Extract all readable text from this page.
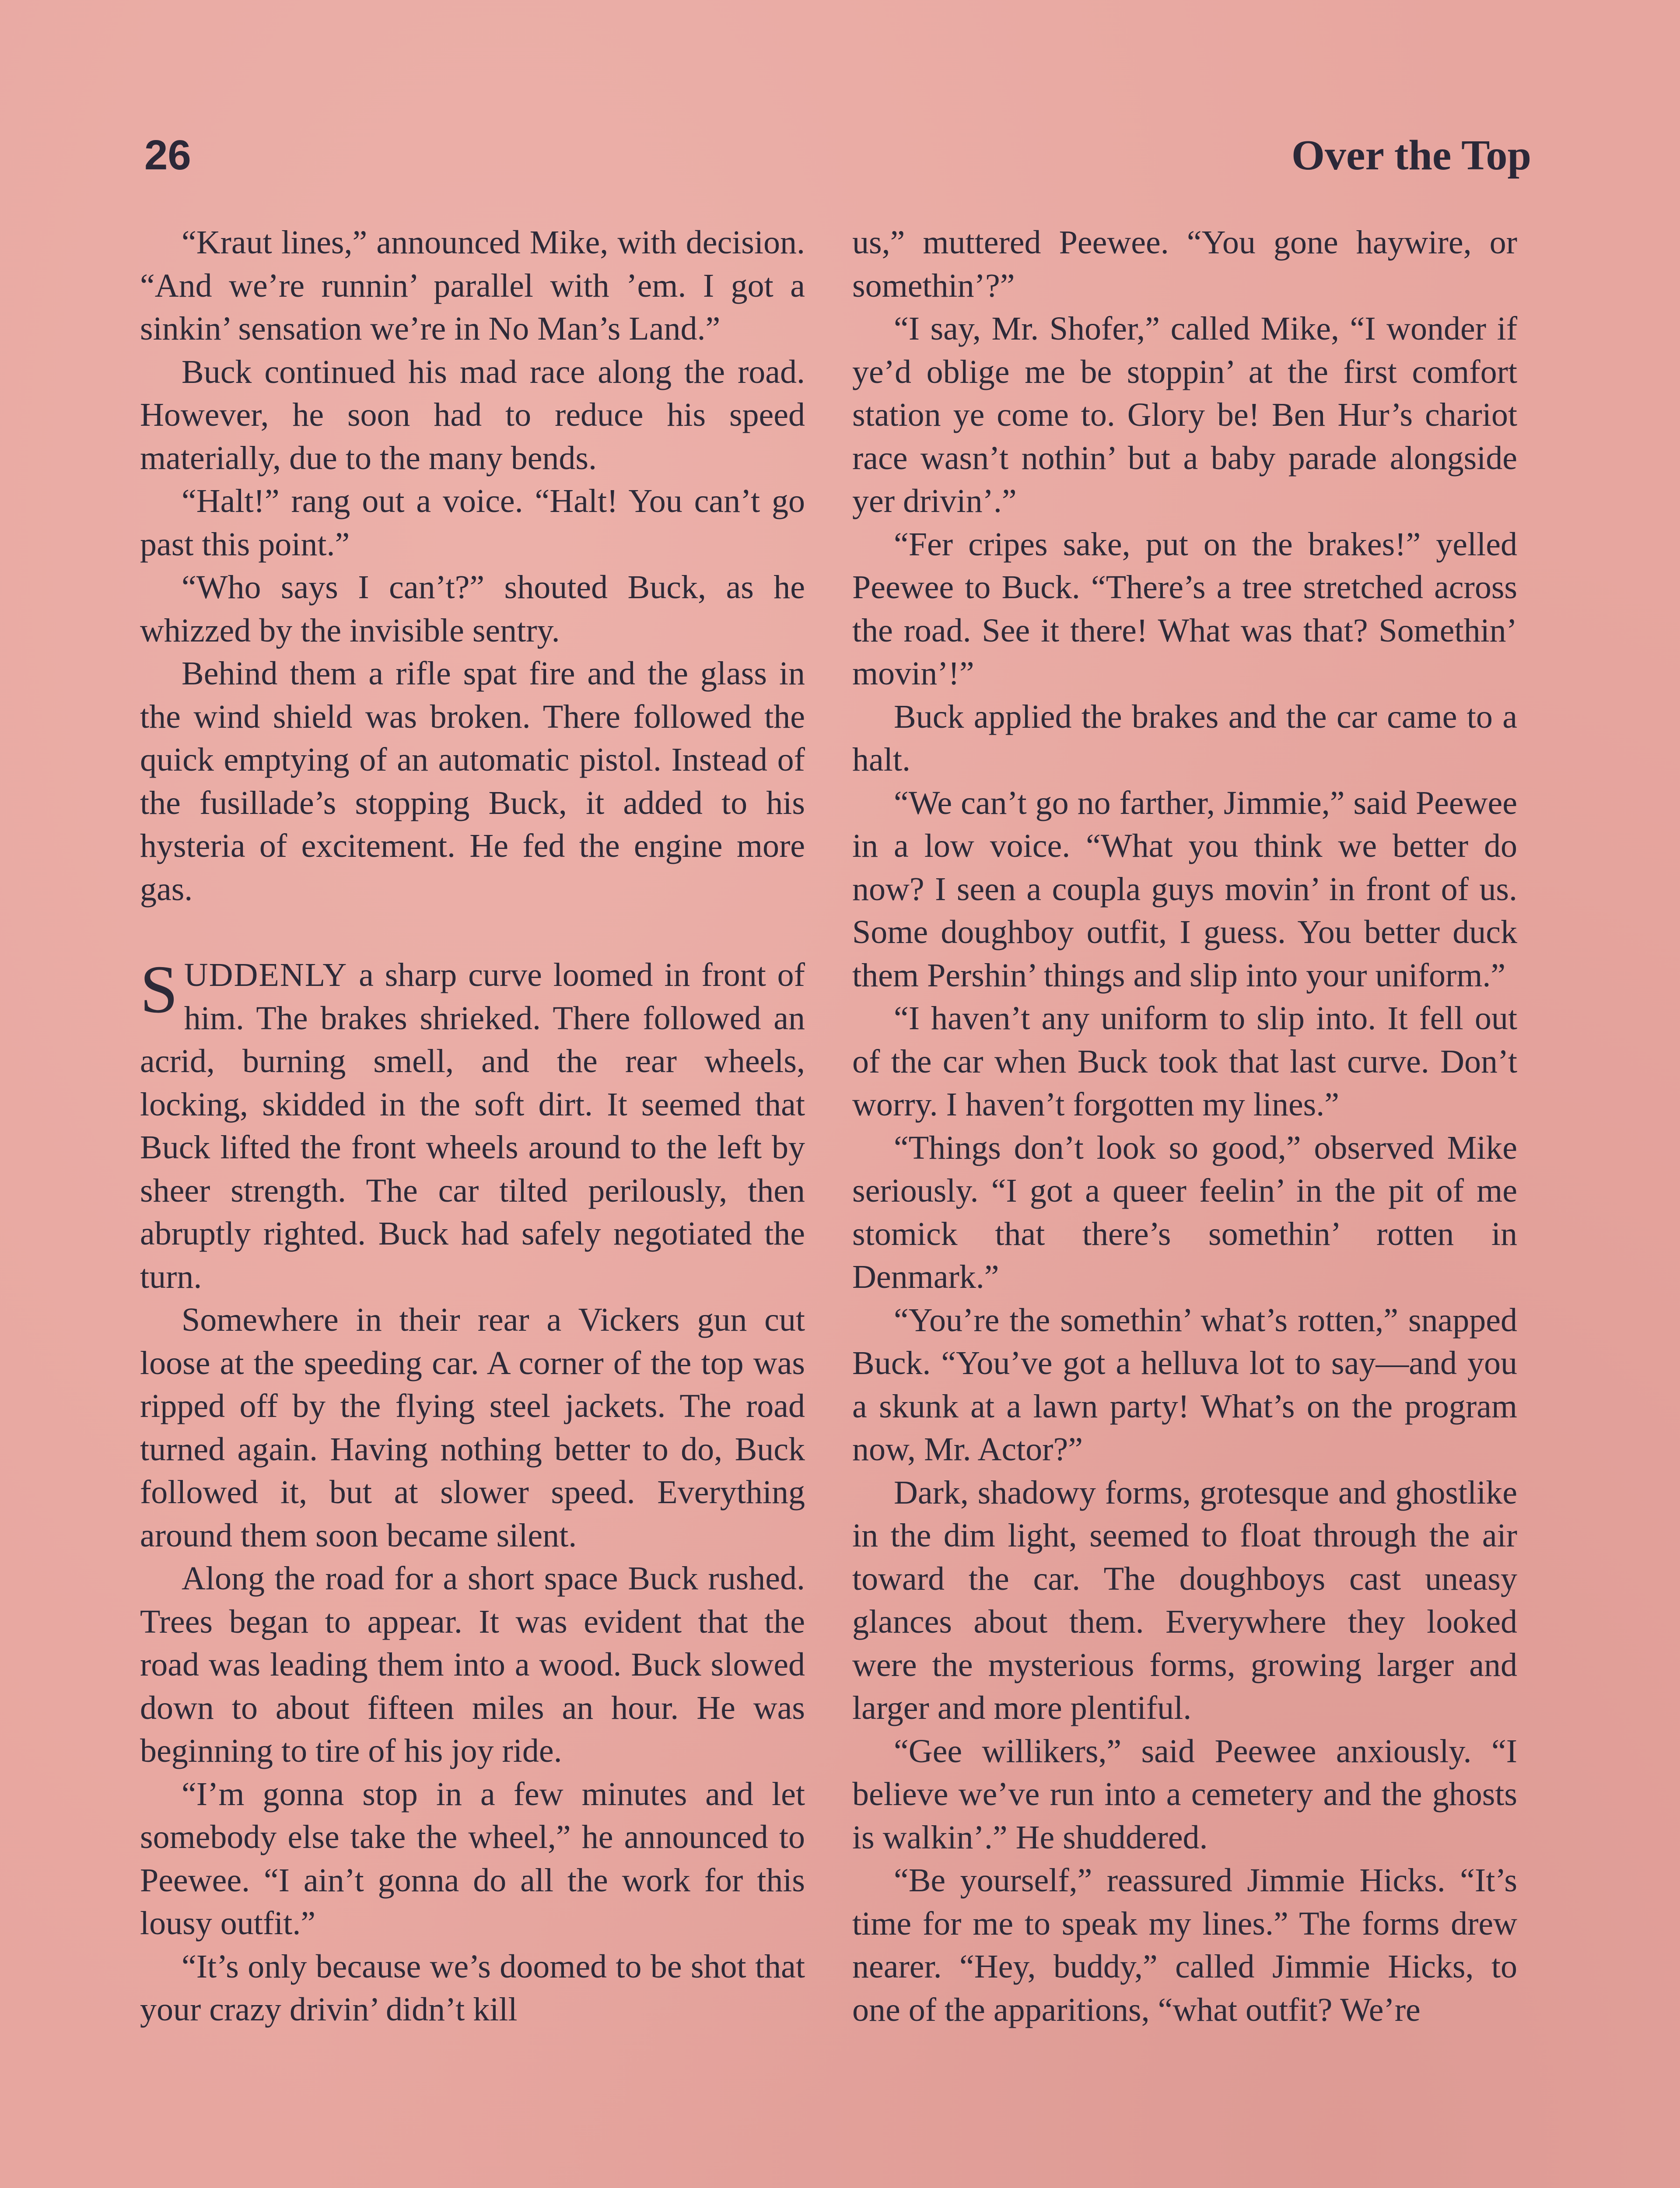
26	Over the Top

“Kraut lines,” announced Mike, with decision. “And we’re runnin’ parallel with ’em. I got a sinkin’ sensation we’re in No Man’s Land.”

Buck continued his mad race along the road. However, he soon had to reduce his speed materially, due to the many bends.

“Halt!” rang out a voice. “Halt! You can’t go past this point.”

“Who says I can’t?” shouted Buck, as he whizzed by the invisible sentry.

Behind them a rifle spat fire and the glass in the wind shield was broken. There followed the quick emptying of an automatic pistol. Instead of the fusillade’s stopping Buck, it added to his hysteria of excitement. He fed the engine more gas.

SUDDENLY a sharp curve loomed in front of him. The brakes shrieked. There followed an acrid, burning smell, and the rear wheels, locking, skidded in the soft dirt. It seemed that Buck lifted the front wheels around to the left by sheer strength. The car tilted perilously, then abruptly righted. Buck had safely negotiated the turn.

Somewhere in their rear a Vickers gun cut loose at the speeding car. A corner of the top was ripped off by the flying steel jackets. The road turned again. Having nothing better to do, Buck followed it, but at slower speed. Everything around them soon became silent.

Along the road for a short space Buck rushed. Trees began to appear. It was evident that the road was leading them into a wood. Buck slowed down to about fifteen miles an hour. He was beginning to tire of his joy ride.

“I’m gonna stop in a few minutes and let somebody else take the wheel,” he announced to Peewee. “I ain’t gonna do all the work for this lousy outfit.”

“It’s only because we’s doomed to be shot that your crazy drivin’ didn’t kill

us,” muttered Peewee. “You gone haywire, or somethin’?”

“I say, Mr. Shofer,” called Mike, “I wonder if ye’d oblige me be stoppin’ at the first comfort station ye come to. Glory be! Ben Hur’s chariot race wasn’t nothin’ but a baby parade alongside yer drivin’.”

“Fer cripes sake, put on the brakes!” yelled Peewee to Buck. “There’s a tree stretched across the road. See it there! What was that? Somethin’ movin’!”

Buck applied the brakes and the car came to a halt.

“We can’t go no farther, Jimmie,” said Peewee in a low voice. “What you think we better do now? I seen a coupla guys movin’ in front of us. Some doughboy outfit, I guess. You better duck them Pershin’ things and slip into your uniform.”

“I haven’t any uniform to slip into. It fell out of the car when Buck took that last curve. Don’t worry. I haven’t forgotten my lines.”

“Things don’t look so good,” observed Mike seriously. “I got a queer feelin’ in the pit of me stomick that there’s somethin’ rotten in Denmark.”

“You’re the somethin’ what’s rotten,” snapped Buck. “You’ve got a helluva lot to say—and you a skunk at a lawn party! What’s on the program now, Mr. Actor?”

Dark, shadowy forms, grotesque and ghostlike in the dim light, seemed to float through the air toward the car. The doughboys cast uneasy glances about them. Everywhere they looked were the mysterious forms, growing larger and larger and more plentiful.

“Gee willikers,” said Peewee anxiously. “I believe we’ve run into a cemetery and the ghosts is walkin’.” He shuddered.

“Be yourself,” reassured Jimmie Hicks. “It’s time for me to speak my lines.” The forms drew nearer. “Hey, buddy,” called Jimmie Hicks, to one of the apparitions, “what outfit? We’re
